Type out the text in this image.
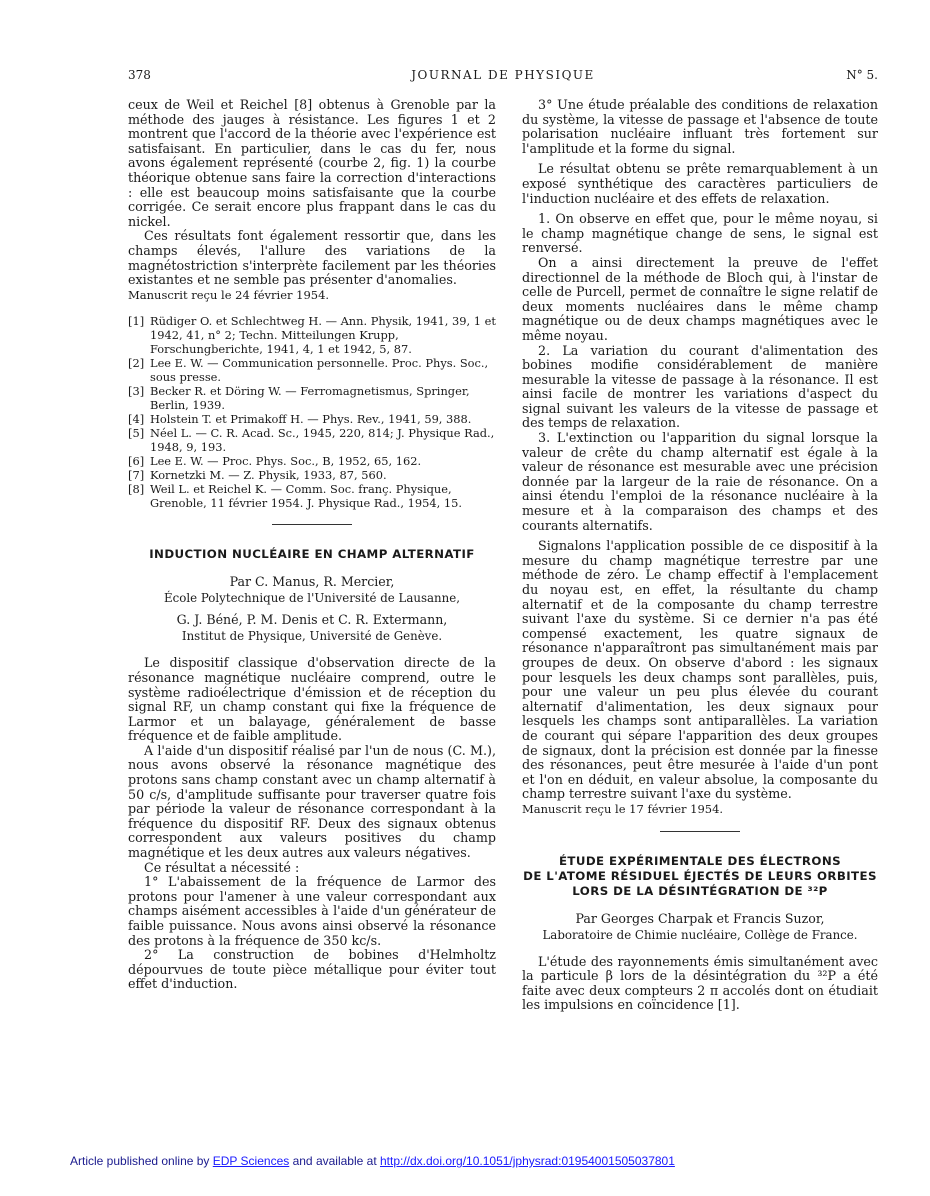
378	JOURNAL DE PHYSIQUE	N° 5.

ceux de Weil et Reichel [8] obtenus à Grenoble par la méthode des jauges à résistance. Les figures 1 et 2 montrent que l'accord de la théorie avec l'expérience est satisfaisant. En particulier, dans le cas du fer, nous avons également représenté (courbe 2, fig. 1) la courbe théorique obtenue sans faire la correction d'interactions : elle est beaucoup moins satisfaisante que la courbe corrigée. Ce serait encore plus frappant dans le cas du nickel.

Ces résultats font également ressortir que, dans les champs élevés, l'allure des variations de la magnétostriction s'interprète facilement par les théories existantes et ne semble pas présenter d'anomalies.

Manuscrit reçu le 24 février 1954.

[1] Rüdiger O. et Schlechtweg H. — Ann. Physik, 1941, 39, 1 et 1942, 41, n° 2; Techn. Mitteilungen Krupp, Forschungberichte, 1941, 4, 1 et 1942, 5, 87.
[2] Lee E. W. — Communication personnelle. Proc. Phys. Soc., sous presse.
[3] Becker R. et Döring W. — Ferromagnetismus, Springer, Berlin, 1939.
[4] Holstein T. et Primakoff H. — Phys. Rev., 1941, 59, 388.
[5] Néel L. — C. R. Acad. Sc., 1945, 220, 814; J. Physique Rad., 1948, 9, 193.
[6] Lee E. W. — Proc. Phys. Soc., B, 1952, 65, 162.
[7] Kornetzki M. — Z. Physik, 1933, 87, 560.
[8] Weil L. et Reichel K. — Comm. Soc. franç. Physique, Grenoble, 11 février 1954. J. Physique Rad., 1954, 15.
INDUCTION NUCLÉAIRE EN CHAMP ALTERNATIF
Par C. Manus, R. Mercier,
École Polytechnique de l'Université de Lausanne,
G. J. Béné, P. M. Denis et C. R. Extermann,
Institut de Physique, Université de Genève.

Le dispositif classique d'observation directe de la résonance magnétique nucléaire comprend, outre le système radioélectrique d'émission et de réception du signal RF, un champ constant qui fixe la fréquence de Larmor et un balayage, généralement de basse fréquence et de faible amplitude.

A l'aide d'un dispositif réalisé par l'un de nous (C. M.), nous avons observé la résonance magnétique des protons sans champ constant avec un champ alternatif à 50 c/s, d'amplitude suffisante pour traverser quatre fois par période la valeur de résonance correspondant à la fréquence du dispositif RF. Deux des signaux obtenus correspondent aux valeurs positives du champ magnétique et les deux autres aux valeurs négatives.

Ce résultat a nécessité :

1° L'abaissement de la fréquence de Larmor des protons pour l'amener à une valeur correspondant aux champs aisément accessibles à l'aide d'un générateur de faible puissance. Nous avons ainsi observé la résonance des protons à la fréquence de 350 kc/s.

2° La construction de bobines d'Helmholtz dépourvues de toute pièce métallique pour éviter tout effet d'induction.

3° Une étude préalable des conditions de relaxation du système, la vitesse de passage et l'absence de toute polarisation nucléaire influant très fortement sur l'amplitude et la forme du signal.

Le résultat obtenu se prête remarquablement à un exposé synthétique des caractères particuliers de l'induction nucléaire et des effets de relaxation.

1. On observe en effet que, pour le même noyau, si le champ magnétique change de sens, le signal est renversé.

On a ainsi directement la preuve de l'effet directionnel de la méthode de Bloch qui, à l'instar de celle de Purcell, permet de connaître le signe relatif de deux moments nucléaires dans le même champ magnétique ou de deux champs magnétiques avec le même noyau.

2. La variation du courant d'alimentation des bobines modifie considérablement de manière mesurable la vitesse de passage à la résonance. Il est ainsi facile de montrer les variations d'aspect du signal suivant les valeurs de la vitesse de passage et des temps de relaxation.

3. L'extinction ou l'apparition du signal lorsque la valeur de crête du champ alternatif est égale à la valeur de résonance est mesurable avec une précision donnée par la largeur de la raie de résonance. On a ainsi étendu l'emploi de la résonance nucléaire à la mesure et à la comparaison des champs et des courants alternatifs.

Signalons l'application possible de ce dispositif à la mesure du champ magnétique terrestre par une méthode de zéro. Le champ effectif à l'emplacement du noyau est, en effet, la résultante du champ alternatif et de la composante du champ terrestre suivant l'axe du système. Si ce dernier n'a pas été compensé exactement, les quatre signaux de résonance n'apparaîtront pas simultanément mais par groupes de deux. On observe d'abord : les signaux pour lesquels les deux champs sont parallèles, puis, pour une valeur un peu plus élevée du courant alternatif d'alimentation, les deux signaux pour lesquels les champs sont antiparallèles. La variation de courant qui sépare l'apparition des deux groupes de signaux, dont la précision est donnée par la finesse des résonances, peut être mesurée à l'aide d'un pont et l'on en déduit, en valeur absolue, la composante du champ terrestre suivant l'axe du système.

Manuscrit reçu le 17 février 1954.

ÉTUDE EXPÉRIMENTALE DES ÉLECTRONS
DE L'ATOME RÉSIDUEL ÉJECTÉS DE LEURS ORBITES
LORS DE LA DÉSINTÉGRATION DE ³²P
Par Georges Charpak et Francis Suzor,
Laboratoire de Chimie nucléaire, Collège de France.

L'étude des rayonnements émis simultanément avec la particule β lors de la désintégration du ³²P a été faite avec deux compteurs 2 π accolés dont on étudiait les impulsions en coïncidence [1].

Article published online by EDP Sciences and available at http://dx.doi.org/10.1051/jphysrad:01954001505037801
